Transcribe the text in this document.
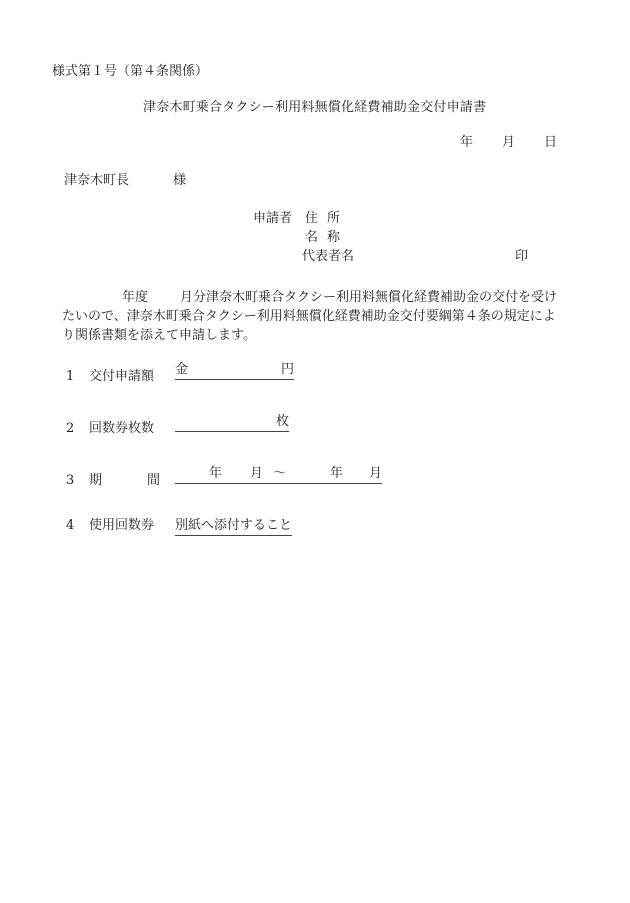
様式第１号（第４条関係）
津奈木町乗合タクシー利用料無償化経費補助金交付申請書
年 月 日
津奈木町長	様
申請者 住所
名称
代表者名	印
年度 月分津奈木町乗合タクシー利用料無償化経費補助金の交付を受け
たいので、津奈木町乗合タクシー利用料無償化経費補助金交付要綱第４条の規定によ
り関係書類を添えて申請します。
1 交付申請額 金	円
2 回数券枚数	枚
3 期	間	年 月 ～	年 月
4 使用回数券 別紙へ添付すること
